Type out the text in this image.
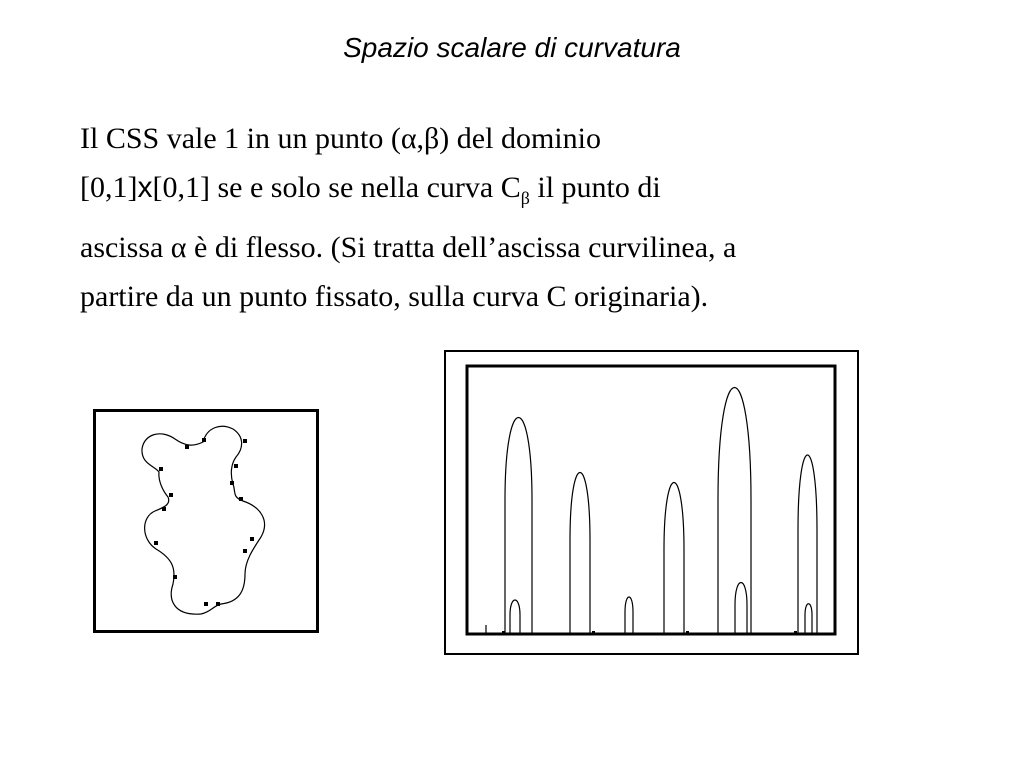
Spazio scalare di curvatura
Il CSS vale 1 in un punto (α,β) del dominio
[0,1]x[0,1] se e solo se nella curva $C_\beta$ il punto di
ascissa α è di flesso. (Si tratta dell’ascissa curvilinea, a
partire da un punto fissato, sulla curva C originaria).
